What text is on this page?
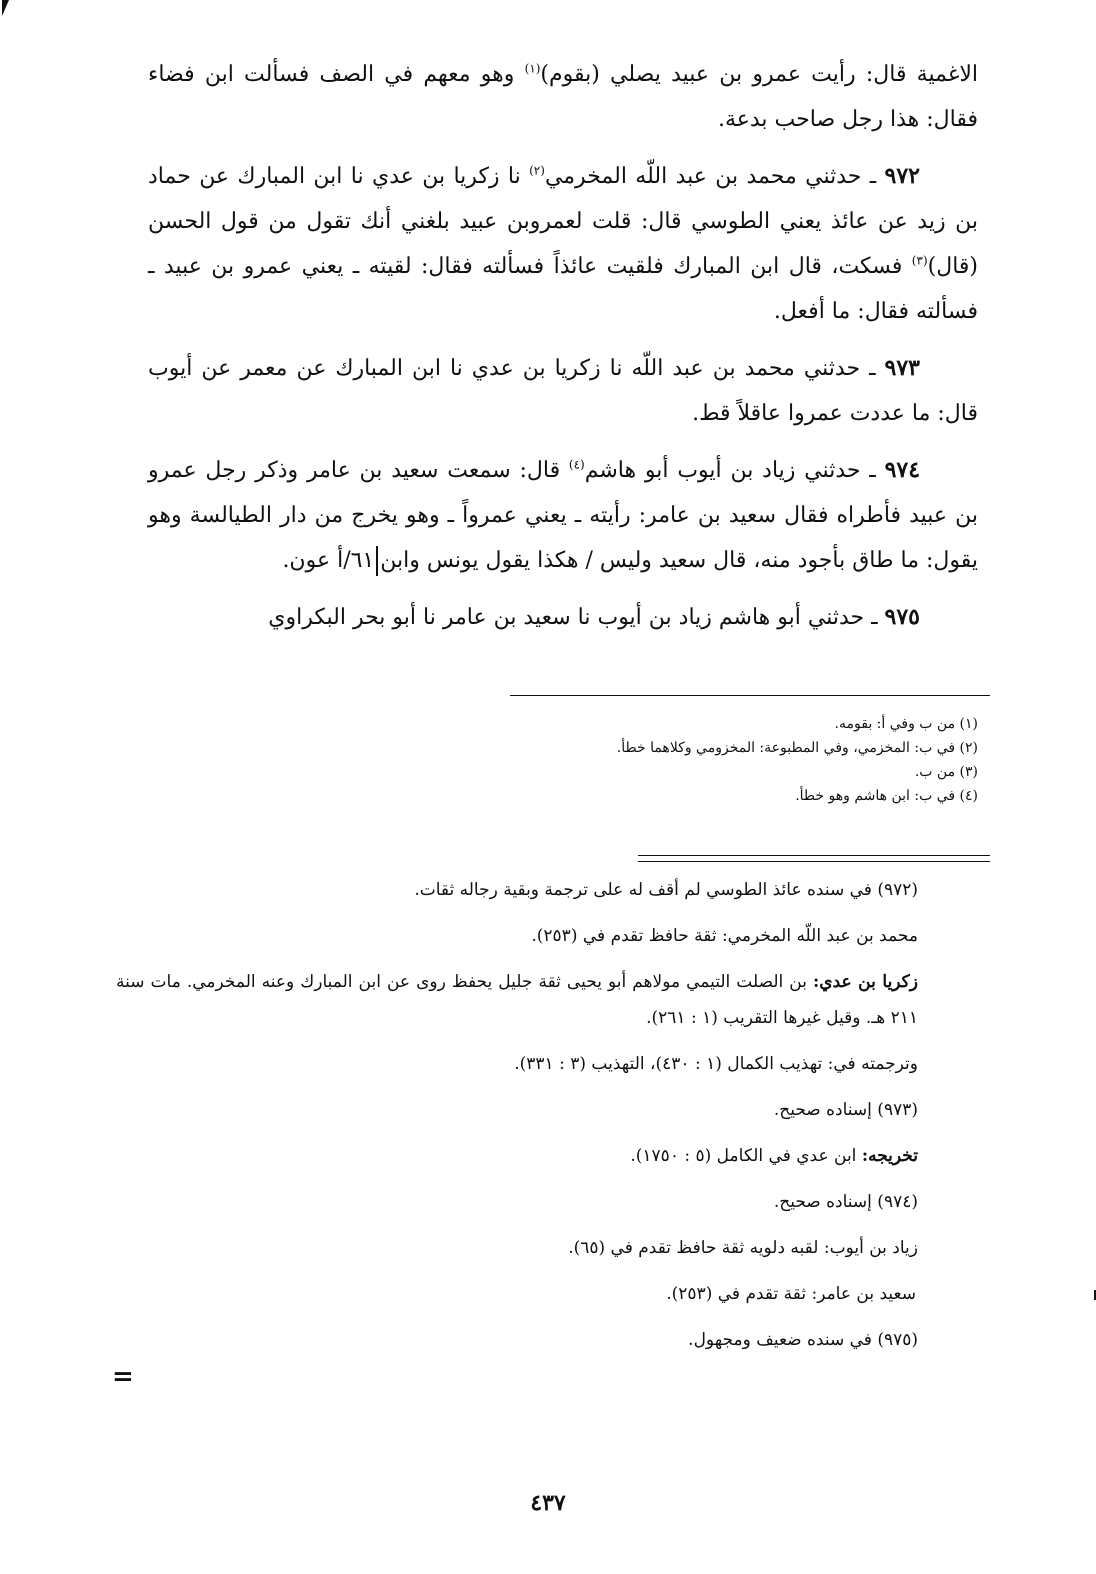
الاغمية قال: رأيت عمرو بن عبيد يصلي (بقوم)$^{(١)}$ وهو معهم في الصف فسألت ابن فضاء فقال: هذا رجل صاحب بدعة.

٩٧٢ ـ حدثني محمد بن عبد اللّه المخرمي$^{(٢)}$ نا زكريا بن عدي نا ابن المبارك عن حماد بن زيد عن عائذ يعني الطوسي قال: قلت لعمروبن عبيد بلغني أنك تقول من قول الحسن (قال)$^{(٣)}$ فسكت، قال ابن المبارك فلقيت عائذاً فسألته فقال: لقيته ـ يعني عمرو بن عبيد ـ فسألته فقال: ما أفعل.

٩٧٣ ـ حدثني محمد بن عبد اللّه نا زكريا بن عدي نا ابن المبارك عن معمر عن أيوب قال: ما عددت عمروا عاقلاً قط.

٩٧٤ ـ حدثني زياد بن أيوب أبو هاشم$^{(٤)}$ قال: سمعت سعيد بن عامر وذكر رجل عمرو بن عبيد فأطراه فقال سعيد بن عامر: رأيته ـ يعني عمرواً ـ وهو يخرج من دار الطيالسة وهو يقول: ما طاق بأجود منه، قال سعيد وليس / هكذا يقول يونس وابن٦١/أ عون.

٩٧٥ ـ حدثني أبو هاشم زياد بن أيوب نا سعيد بن عامر نا أبو بحر البكراوي

(١) من ب وفي أ: بقومه.
(٢) في ب: المخزمي، وفي المطبوعة: المخزومي وكلاهما خطأ.
(٣) من ب.
(٤) في ب: ابن هاشم وهو خطأ.

(٩٧٢) في سنده عائذ الطوسي لم أقف له على ترجمة وبقية رجاله ثقات.

محمد بن عبد اللّه المخرمي: ثقة حافظ تقدم في (٢٥٣).

زكريا بن عدي: بن الصلت التيمي مولاهم أبو يحيى ثقة جليل يحفظ روى عن ابن المبارك وعنه المخرمي. مات سنة ٢١١ هـ. وقيل غيرها التقريب (١ : ٢٦١).

وترجمته في: تهذيب الكمال (١ : ٤٣٠)، التهذيب (٣ : ٣٣١).

(٩٧٣) إسناده صحيح.

تخريجه: ابن عدي في الكامل (٥ : ١٧٥٠).

(٩٧٤) إسناده صحيح.

زياد بن أيوب: لقبه دلويه ثقة حافظ تقدم في (٦٥).

سعيد بن عامر: ثقة تقدم في (٢٥٣).

(٩٧٥) في سنده ضعيف ومجهول.

=
٤٣٧
